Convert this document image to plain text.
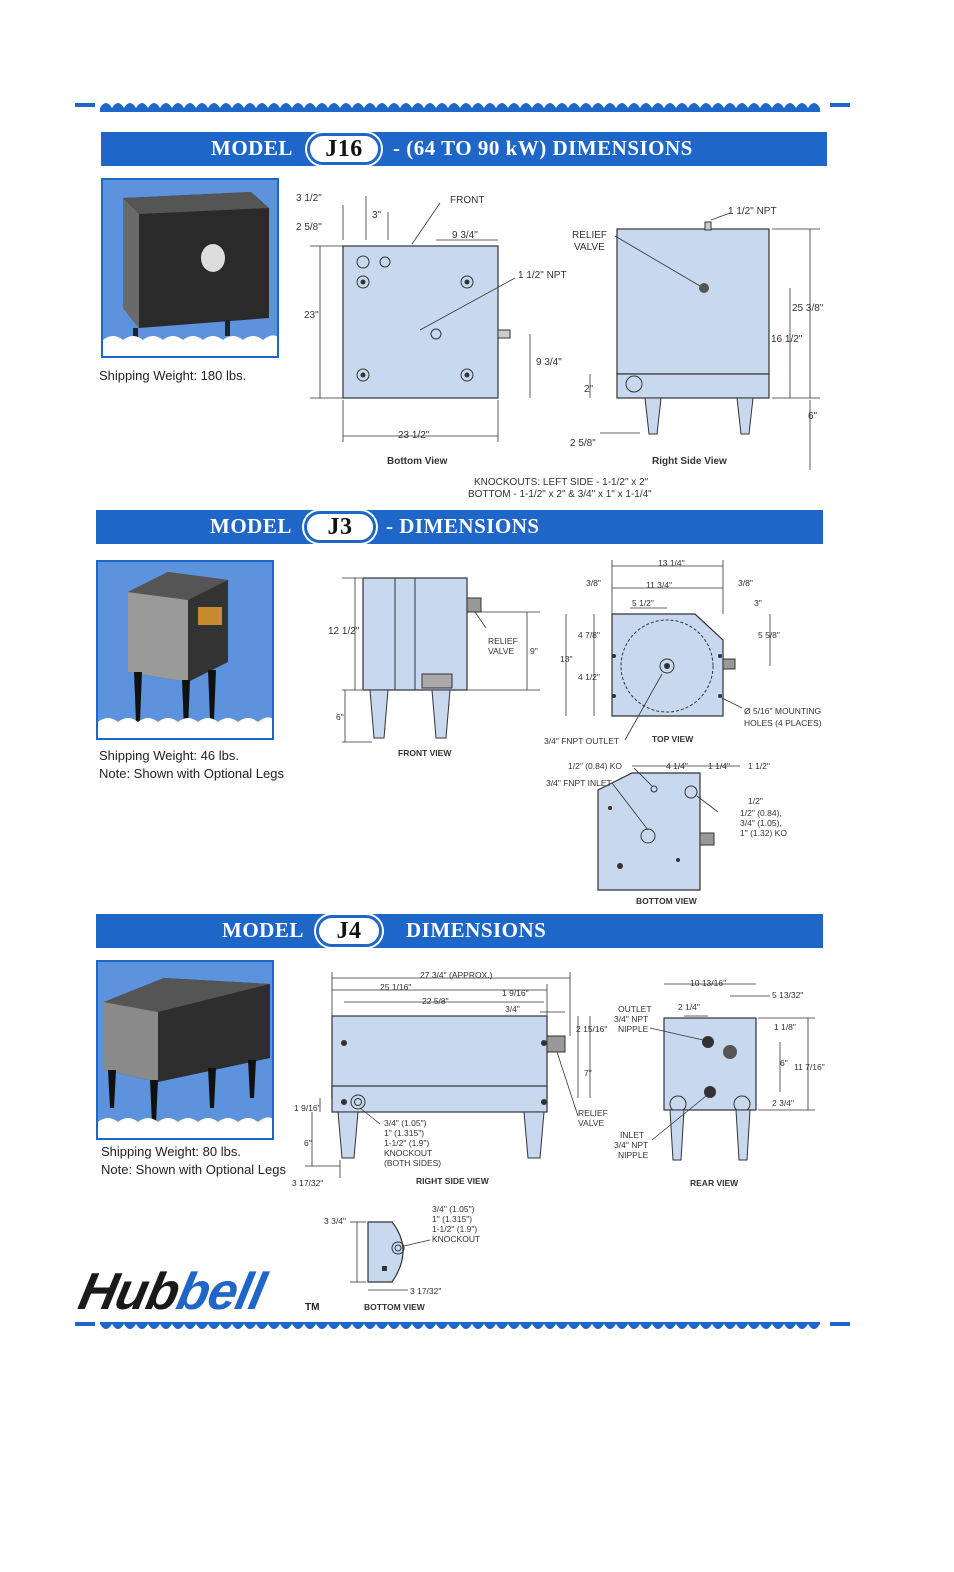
MODEL	J16	- (64 TO 90 kW) DIMENSIONS
Shipping Weight: 180 lbs.
3 1/2"
3"
FRONT
2 5/8"
9 3/4"
1 1/2" NPT
23"
9 3/4"
23 1/2"
Bottom View
1 1/2" NPT
RELIEF
VALVE
25 3/8"
16 1/2"
2"
6"
2 5/8"
Right Side View
KNOCKOUTS: LEFT SIDE - 1-1/2" x 2"
BOTTOM - 1-1/2" x 2" & 3/4" x 1" x 1-1/4"
MODEL	J3	- DIMENSIONS
Shipping Weight: 46 lbs.
Note: Shown with Optional Legs
12 1/2"
RELIEF
VALVE 9"
6"
FRONT VIEW
13 1/4"
3/8"	11 3/4"	3/8"
5 1/2"	3"
4 7/8"
13"
5 5/8"
4 1/2"
Ø 5/16" MOUNTING
HOLES (4 PLACES)
3/4" FNPT OUTLET	TOP VIEW
1/2" (0.84) KO	4 1/4" 1 1/4" 1 1/2"
3/4" FNPT INLET
1/2"
1/2" (0.84),
3/4" (1.05),
1" (1.32) KO
BOTTOM VIEW
MODEL	J4	DIMENSIONS
Shipping Weight: 80 lbs.
Note: Shown with Optional Legs
27 3/4" (APPROX.)
25 1/16"
22 5/8"
1 9/16"
3/4"
2 15/16"
7"
RELIEF
VALVE
1 9/16"
6"
3 17/32"
3/4" (1.05")
1" (1.315")
1-1/2" (1.9")
KNOCKOUT
(BOTH SIDES)
RIGHT SIDE VIEW
10 13/16"
5 13/32"
OUTLET
3/4" NPT
NIPPLE
2 1/4"
1 1/8"
6" 11 7/16"
2 3/4"
INLET
3/4" NPT
NIPPLE
REAR VIEW
3 3/4"
3/4" (1.05")
1" (1.315")
1-1/2" (1.9")
KNOCKOUT
3 17/32"
BOTTOM VIEW
Hubbell	TM
